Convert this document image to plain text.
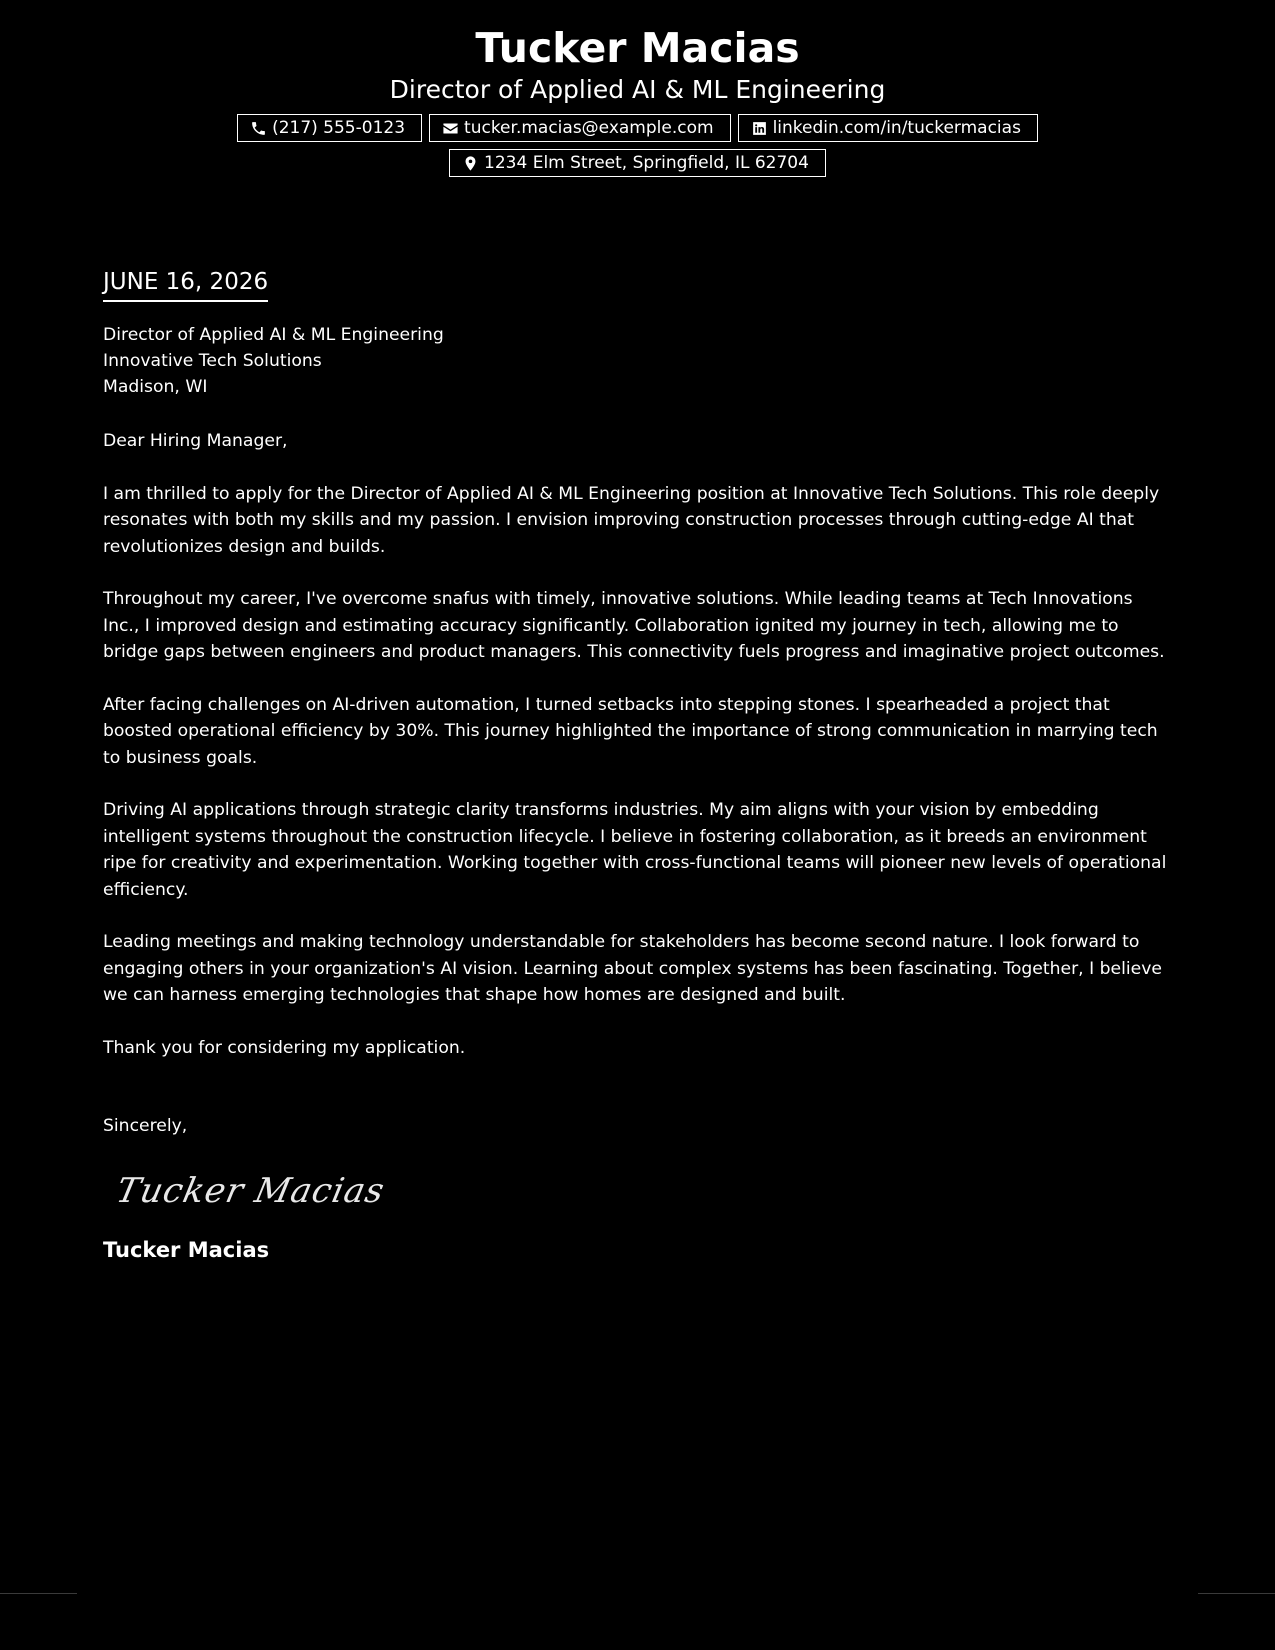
Tucker Macias
Director of Applied AI & ML Engineering
(217) 555-0123	tucker.macias@example.com	linkedin.com/in/tuckermacias
1234 Elm Street, Springfield, IL 62704
JUNE 16, 2026
Director of Applied AI & ML Engineering
Innovative Tech Solutions
Madison, WI

Dear Hiring Manager,

I am thrilled to apply for the Director of Applied AI & ML Engineering position at Innovative Tech Solutions. This role deeply resonates with both my skills and my passion. I envision improving construction processes through cutting-edge AI that revolutionizes design and builds.

Throughout my career, I've overcome snafus with timely, innovative solutions. While leading teams at Tech Innovations Inc., I improved design and estimating accuracy significantly. Collaboration ignited my journey in tech, allowing me to bridge gaps between engineers and product managers. This connectivity fuels progress and imaginative project outcomes.

After facing challenges on AI-driven automation, I turned setbacks into stepping stones. I spearheaded a project that boosted operational efficiency by 30%. This journey highlighted the importance of strong communication in marrying tech to business goals.

Driving AI applications through strategic clarity transforms industries. My aim aligns with your vision by embedding intelligent systems throughout the construction lifecycle. I believe in fostering collaboration, as it breeds an environment ripe for creativity and experimentation. Working together with cross-functional teams will pioneer new levels of operational efficiency.

Leading meetings and making technology understandable for stakeholders has become second nature. I look forward to engaging others in your organization's AI vision. Learning about complex systems has been fascinating. Together, I believe we can harness emerging technologies that shape how homes are designed and built.

Thank you for considering my application.

Sincerely,

Tucker Macias
Tucker Macias
